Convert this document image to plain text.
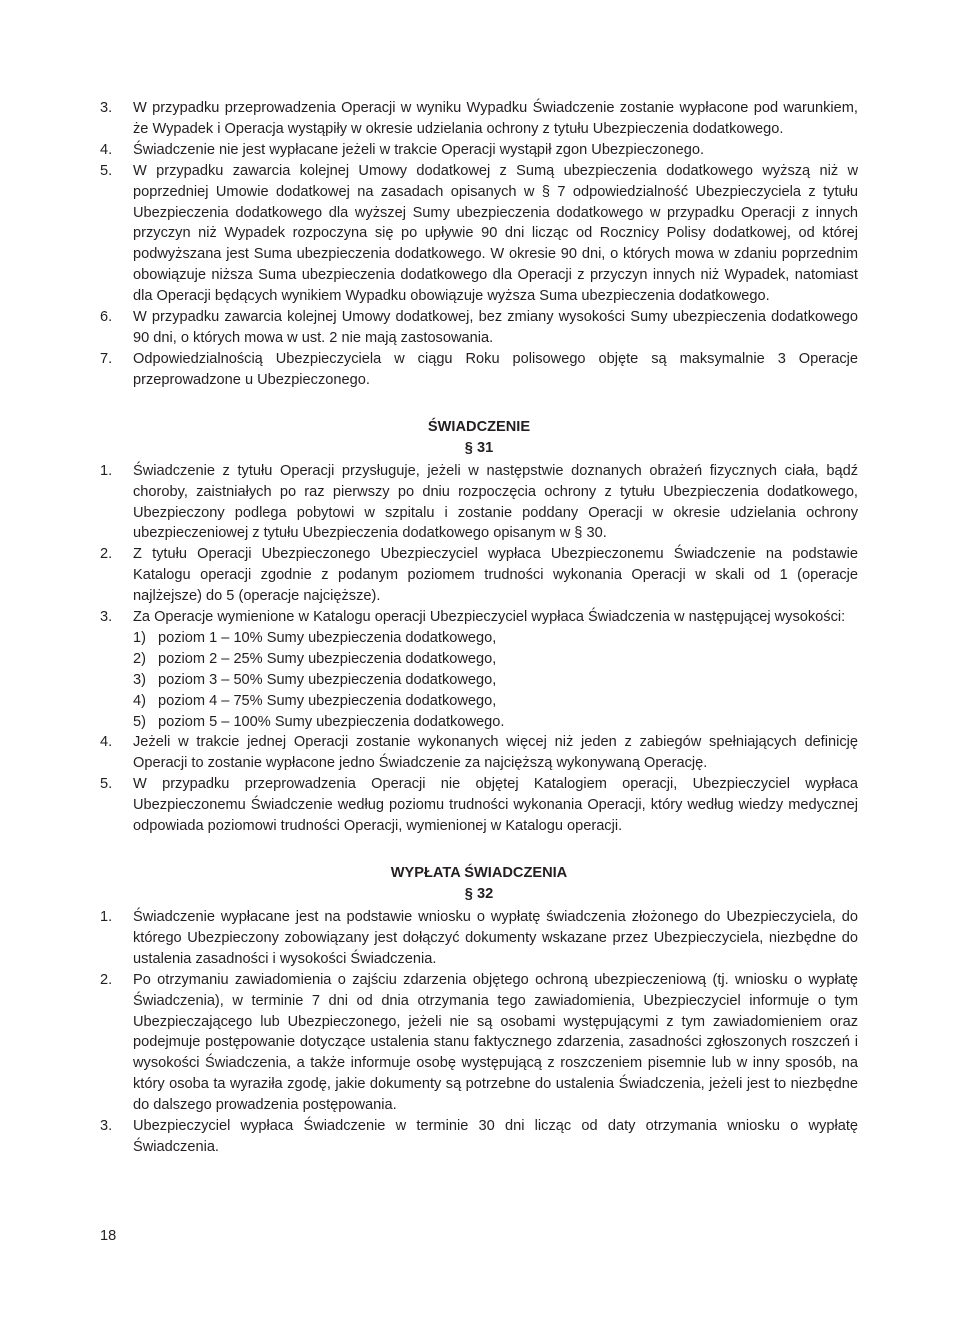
3.	W przypadku przeprowadzenia Operacji w wyniku Wypadku Świadczenie zostanie wypłacone pod warunkiem, że Wypadek i Operacja wystąpiły w okresie udzielania ochrony z tytułu Ubezpieczenia dodatkowego.
4.	Świadczenie nie jest wypłacane jeżeli w trakcie Operacji wystąpił zgon Ubezpieczonego.
5.	W przypadku zawarcia kolejnej Umowy dodatkowej z Sumą ubezpieczenia dodatkowego wyższą niż w poprzedniej Umowie dodatkowej na zasadach opisanych w § 7 odpowiedzialność Ubezpieczyciela z tytułu Ubezpieczenia dodatkowego dla wyższej Sumy ubezpieczenia dodatkowego w przypadku Operacji z innych przyczyn niż Wypadek rozpoczyna się po upływie 90 dni licząc od Rocznicy Polisy dodatkowej, od której podwyższana jest Suma ubezpieczenia dodatkowego. W okresie 90 dni, o których mowa w zdaniu poprzednim obowiązuje niższa Suma ubezpieczenia dodatkowego dla Operacji z przyczyn innych niż Wypadek, natomiast dla Operacji będących wynikiem Wypadku obowiązuje wyższa Suma ubezpieczenia dodatkowego.
6.	W przypadku zawarcia kolejnej Umowy dodatkowej, bez zmiany wysokości Sumy ubezpieczenia dodatkowego 90 dni, o których mowa w ust. 2 nie mają zastosowania.
7.	Odpowiedzialnością Ubezpieczyciela w ciągu Roku polisowego objęte są maksymalnie 3 Operacje przeprowadzone u Ubezpieczonego.
ŚWIADCZENIE
§ 31
1.	Świadczenie z tytułu Operacji przysługuje, jeżeli w następstwie doznanych obrażeń fizycznych ciała, bądź choroby, zaistniałych po raz pierwszy po dniu rozpoczęcia ochrony z tytułu Ubezpieczenia dodatkowego, Ubezpieczony podlega pobytowi w szpitalu i zostanie poddany Operacji w okresie udzielania ochrony ubezpieczeniowej z tytułu Ubezpieczenia dodatkowego opisanym w § 30.
2.	Z tytułu Operacji Ubezpieczonego Ubezpieczyciel wypłaca Ubezpieczonemu Świadczenie na podstawie Katalogu operacji zgodnie z podanym poziomem trudności wykonania Operacji w skali od 1 (operacje najlżejsze) do 5 (operacje najcięższe).
3.	Za Operacje wymienione w Katalogu operacji Ubezpieczyciel wypłaca Świadczenia w następującej wysokości:
1) poziom 1 – 10% Sumy ubezpieczenia dodatkowego,
2) poziom 2 – 25% Sumy ubezpieczenia dodatkowego,
3) poziom 3 – 50% Sumy ubezpieczenia dodatkowego,
4) poziom 4 – 75% Sumy ubezpieczenia dodatkowego,
5) poziom 5 – 100% Sumy ubezpieczenia dodatkowego.
4.	Jeżeli w trakcie jednej Operacji zostanie wykonanych więcej niż jeden z zabiegów spełniających definicję Operacji to zostanie wypłacone jedno Świadczenie za najcięższą wykonywaną Operację.
5.	W przypadku przeprowadzenia Operacji nie objętej Katalogiem operacji, Ubezpieczyciel wypłaca Ubezpieczonemu Świadczenie według poziomu trudności wykonania Operacji, który według wiedzy medycznej odpowiada poziomowi trudności Operacji, wymienionej w Katalogu operacji.
WYPŁATA ŚWIADCZENIA
§ 32
1.	Świadczenie wypłacane jest na podstawie wniosku o wypłatę świadczenia złożonego do Ubezpieczyciela, do którego Ubezpieczony zobowiązany jest dołączyć dokumenty wskazane przez Ubezpieczyciela, niezbędne do ustalenia zasadności i wysokości Świadczenia.
2.	Po otrzymaniu zawiadomienia o zajściu zdarzenia objętego ochroną ubezpieczeniową (tj. wniosku o wypłatę Świadczenia), w terminie 7 dni od dnia otrzymania tego zawiadomienia, Ubezpieczyciel informuje o tym Ubezpieczającego lub Ubezpieczonego, jeżeli nie są osobami występującymi z tym zawiadomieniem oraz podejmuje postępowanie dotyczące ustalenia stanu faktycznego zdarzenia, zasadności zgłoszonych roszczeń i wysokości Świadczenia, a także informuje osobę występującą z roszczeniem pisemnie lub w inny sposób, na który osoba ta wyraziła zgodę, jakie dokumenty są potrzebne do ustalenia Świadczenia, jeżeli jest to niezbędne do dalszego prowadzenia postępowania.
3.	Ubezpieczyciel wypłaca Świadczenie w terminie 30 dni licząc od daty otrzymania wniosku o wypłatę Świadczenia.
18
